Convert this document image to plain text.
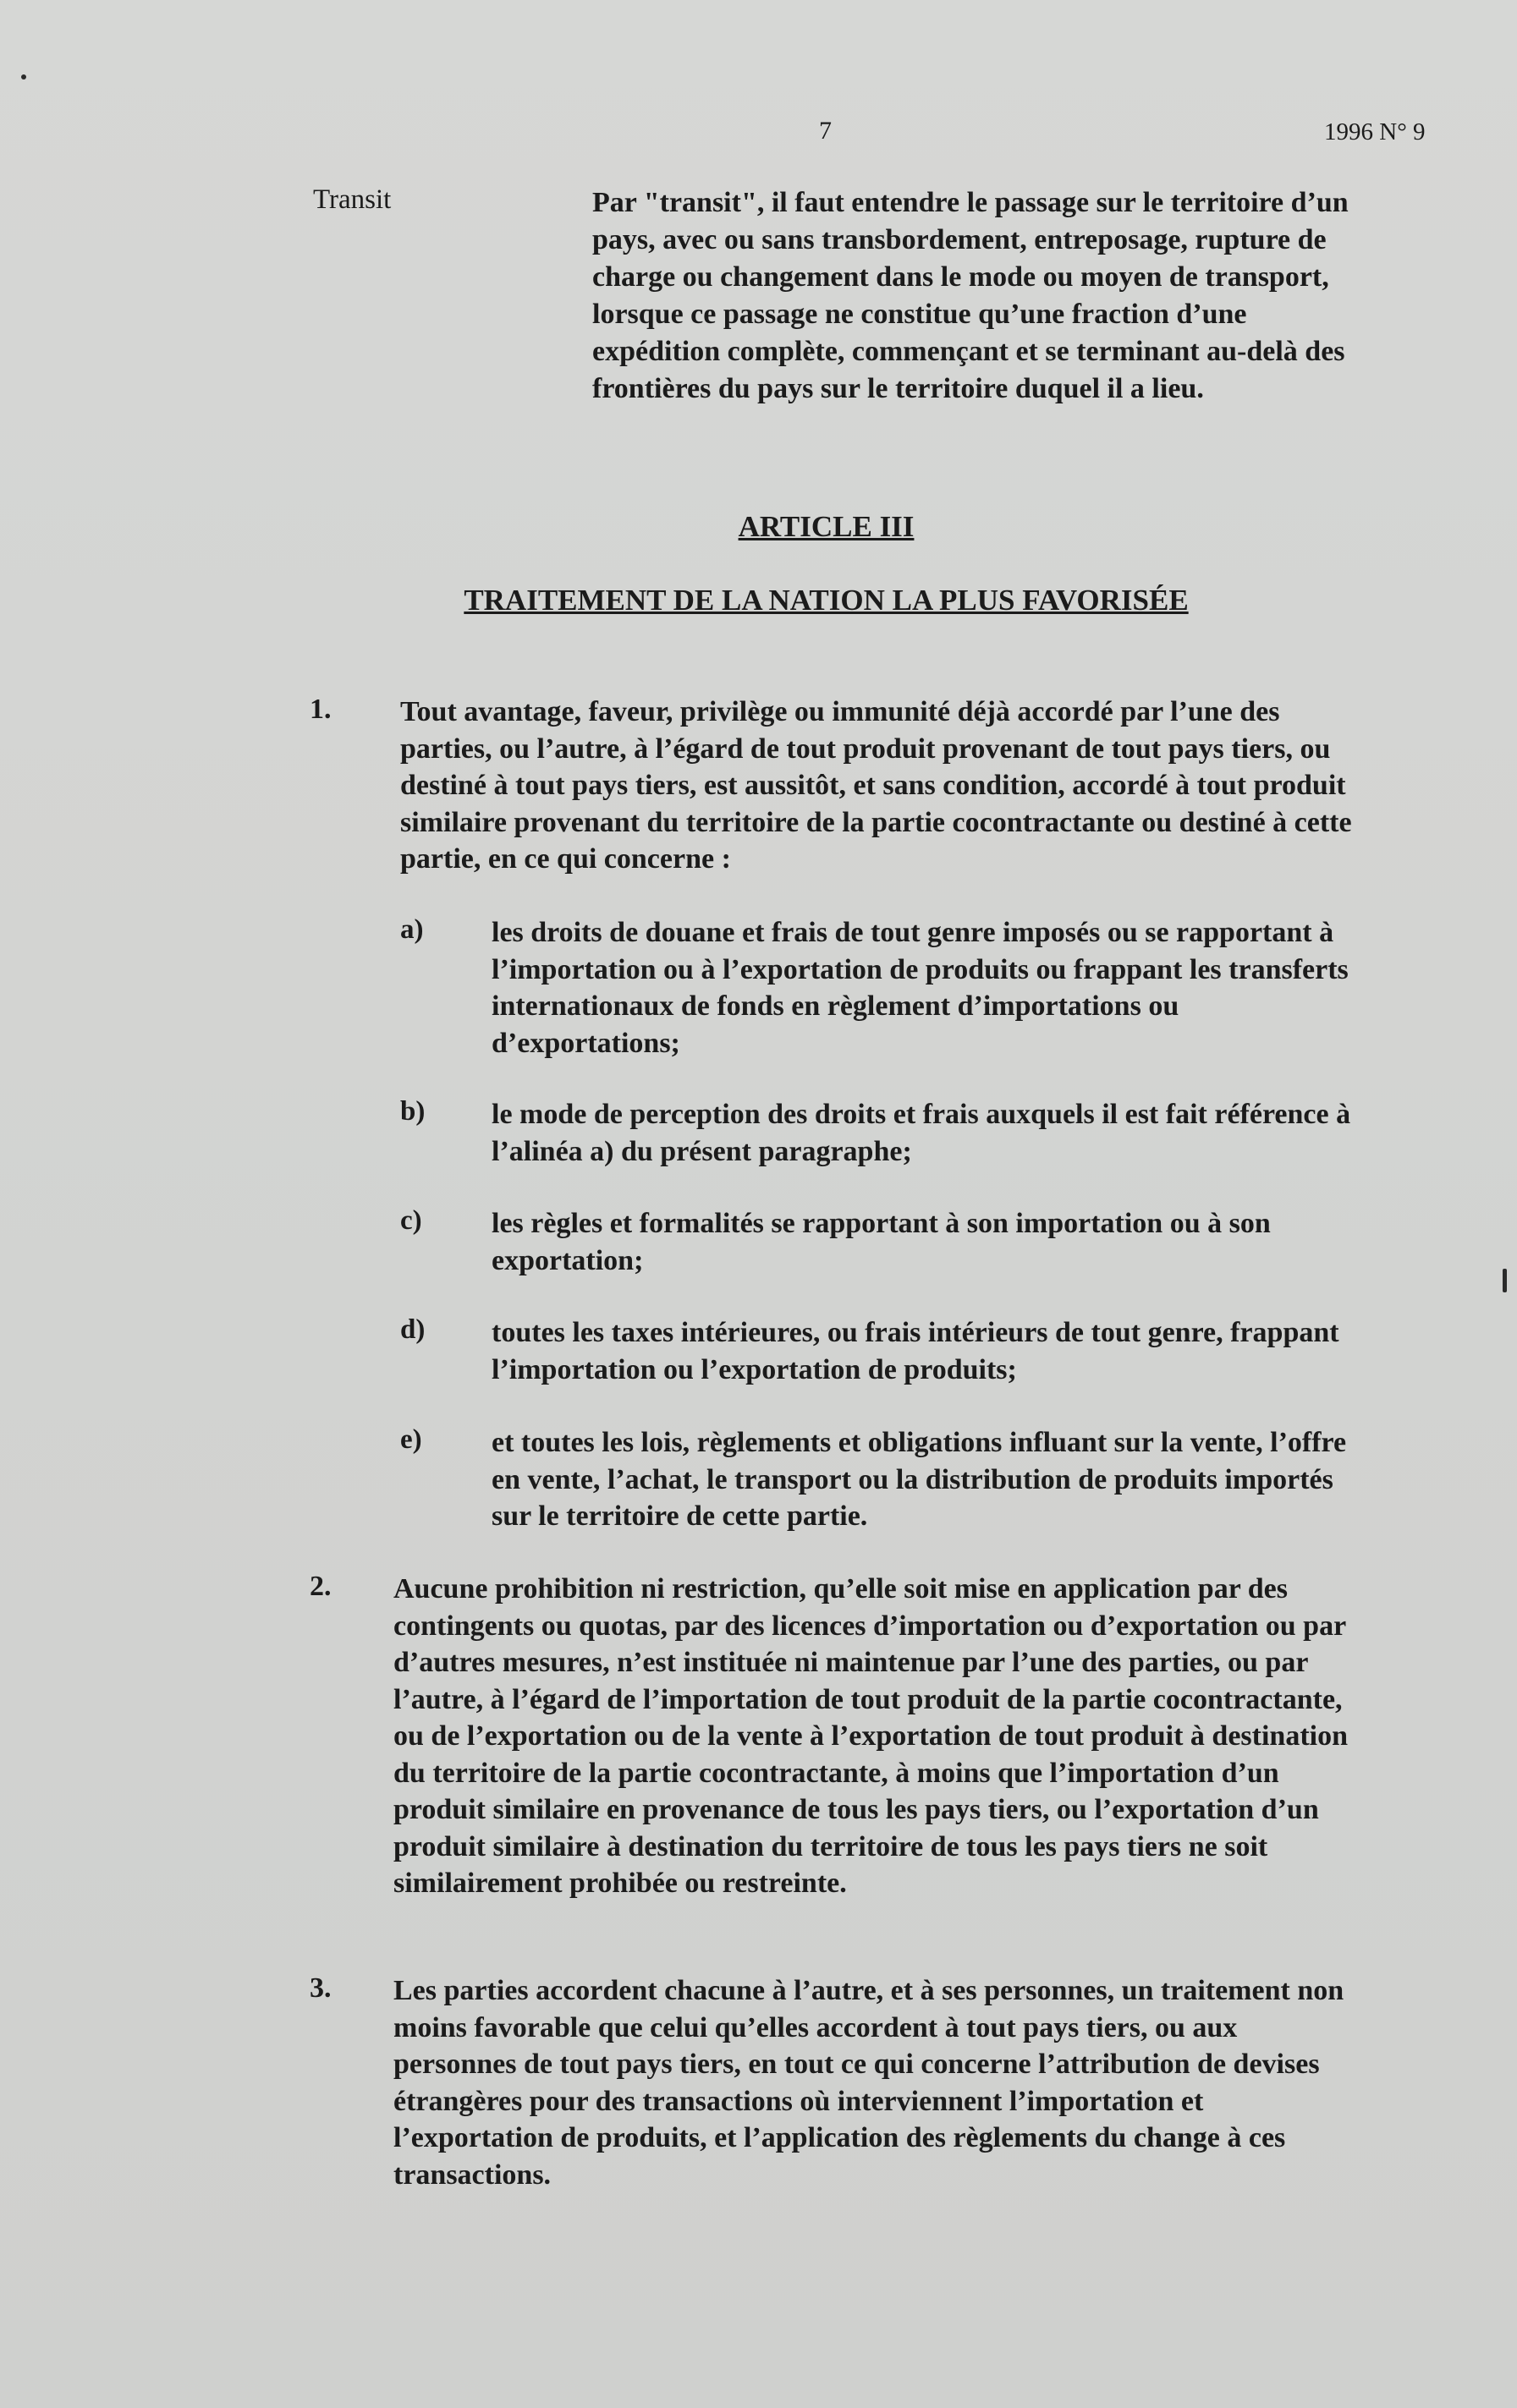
7	1996 N° 9
Transit	Par "transit", il faut entendre le passage sur le territoire d’un pays, avec ou sans transbordement, entreposage, rupture de charge ou changement dans le mode ou moyen de transport, lorsque ce passage ne constitue qu’une fraction d’une expédition complète, commençant et se terminant au-delà des frontières du pays sur le territoire duquel il a lieu.
ARTICLE III
TRAITEMENT DE LA NATION LA PLUS FAVORISÉE
1. Tout avantage, faveur, privilège ou immunité déjà accordé par l’une des parties, ou l’autre, à l’égard de tout produit provenant de tout pays tiers, ou destiné à tout pays tiers, est aussitôt, et sans condition, accordé à tout produit similaire provenant du territoire de la partie cocontractante ou destiné à cette partie, en ce qui concerne :
a) les droits de douane et frais de tout genre imposés ou se rapportant à l’importation ou à l’exportation de produits ou frappant les transferts internationaux de fonds en règlement d’importations ou d’exportations;
b) le mode de perception des droits et frais auxquels il est fait référence à l’alinéa a) du présent paragraphe;
c) les règles et formalités se rapportant à son importation ou à son exportation;
d) toutes les taxes intérieures, ou frais intérieurs de tout genre, frappant l’importation ou l’exportation de produits;
e) et toutes les lois, règlements et obligations influant sur la vente, l’offre en vente, l’achat, le transport ou la distribution de produits importés sur le territoire de cette partie.
2. Aucune prohibition ni restriction, qu’elle soit mise en application par des contingents ou quotas, par des licences d’importation ou d’exportation ou par d’autres mesures, n’est instituée ni maintenue par l’une des parties, ou par l’autre, à l’égard de l’importation de tout produit de la partie cocontractante, ou de l’exportation ou de la vente à l’exportation de tout produit à destination du territoire de la partie cocontractante, à moins que l’importation d’un produit similaire en provenance de tous les pays tiers, ou l’exportation d’un produit similaire à destination du territoire de tous les pays tiers ne soit similairement prohibée ou restreinte.
3. Les parties accordent chacune à l’autre, et à ses personnes, un traitement non moins favorable que celui qu’elles accordent à tout pays tiers, ou aux personnes de tout pays tiers, en tout ce qui concerne l’attribution de devises étrangères pour des transactions où interviennent l’importation et l’exportation de produits, et l’application des règlements du change à ces transactions.
